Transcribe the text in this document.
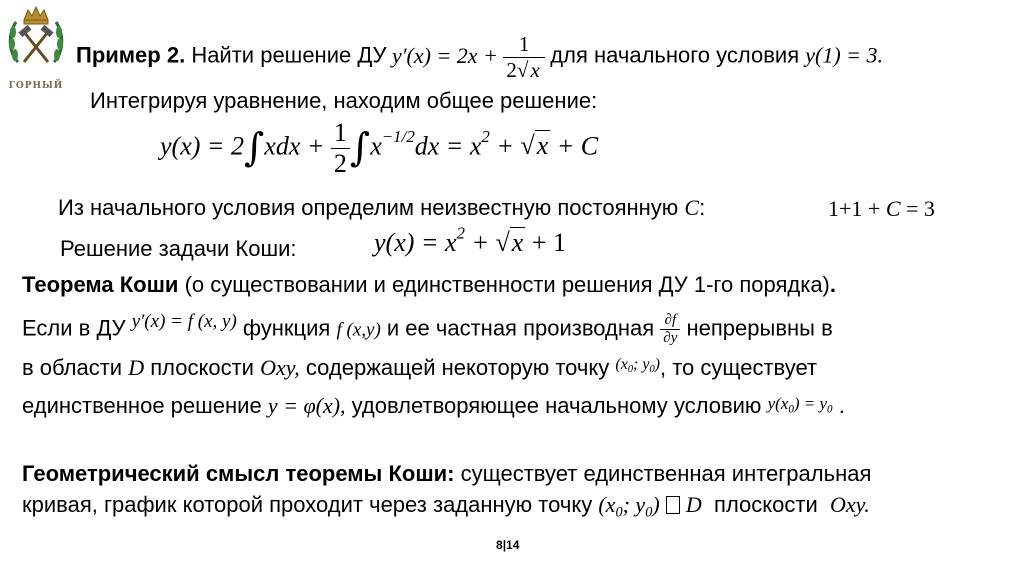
ГОРНЫЙ
Пример 2. Найти решение ДУ $y'(x) = 2x + \frac{1}{2√x}$ для начального условия y(1) = 3.
Интегрируя уравнение, находим общее решение:
$y(x) = 2\int xdx + \frac{1}{2} \int x^{-1/2}dx = x^2 + √x + C$
Из начального условия определим неизвестную постоянную C:	1+1 + C = 3
Решение задачи Коши:	$y(x) = x^2 + √x + 1$
Теорема Коши (о существовании и единственности решения ДУ 1-го порядка).
Если в ДУ y′(x) = f (x, y) функция f (x,y) и ее частная производная $\frac{\partial f}{\partial y}$ непрерывны в
в области D плоскости Oxy, содержащей некоторую точку $^{(x_0; y_0)}$, то существует
единственное решение y = φ(x), удовлетворяющее начальному условию $y(x_0) = y_0$ .
Геометрический смысл теоремы Коши: существует единственная интегральная
кривая, график которой проходит через заданную точку ($x_0$; $y_0$) D плоскости Oxy.
8|14
